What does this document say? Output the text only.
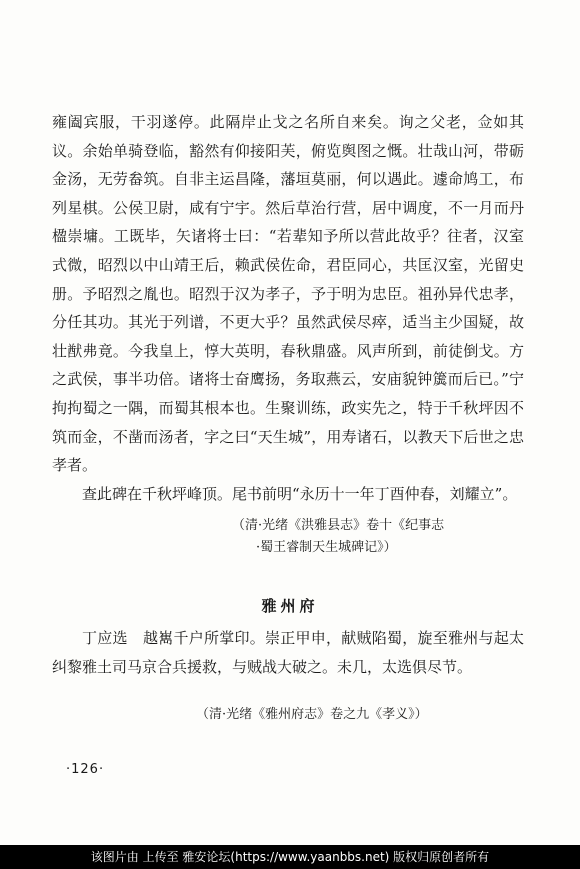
雍阖宾服，干羽遂停。此隔岸止戈之名所自来矣。询之父老，佥如其议。余始单骑登临，豁然有仰接阳芙，俯览舆图之慨。壮哉山河，带砺金汤，无劳畚筑。自非主运昌隆，藩垣莫丽，何以遇此。遽命鸠工，布列星棋。公侯卫尉，咸有宁宇。然后草治行营，居中调度，不一月而丹楹崇墉。工既毕，矢诸将士曰：“若辈知予所以营此故乎？往者，汉室式微，昭烈以中山靖王后，赖武侯佐命，君臣同心，共匡汉室，光留史册。予昭烈之胤也。昭烈于汉为孝子，予于明为忠臣。祖孙异代忠孝，分任其功。其光于列谱，不更大乎？虽然武侯尽瘁，适当主少国疑，故壮猷弗竟。今我皇上，惇大英明，春秋鼎盛。风声所到，前徒倒戈。方之武侯，事半功倍。诸将士奋鹰扬，务取燕云，安庙貌钟簴而后已。”宁拘拘蜀之一隅，而蜀其根本也。生聚训练，政实先之，特于千秋坪因不筑而金，不凿而汤者，字之曰“天生城”，用寿诸石，以教天下后世之忠孝者。

查此碑在千秋坪峰顶。尾书前明“永历十一年丁酉仲春，刘耀立”。

（清·光绪《洪雅县志》卷十《纪事志
·蜀王睿制天生城碑记》）
雅州府

丁应选　越嶲千户所掌印。崇正甲申，献贼陷蜀，旋至雅州与起太纠黎雅土司马京合兵援救，与贼战大破之。未几，太选俱尽节。

（清·光绪《雅州府志》卷之九《孝义》）
·126·
该图片由 上传至 雅安论坛(https://www.yaanbbs.net) 版权归原创者所有
